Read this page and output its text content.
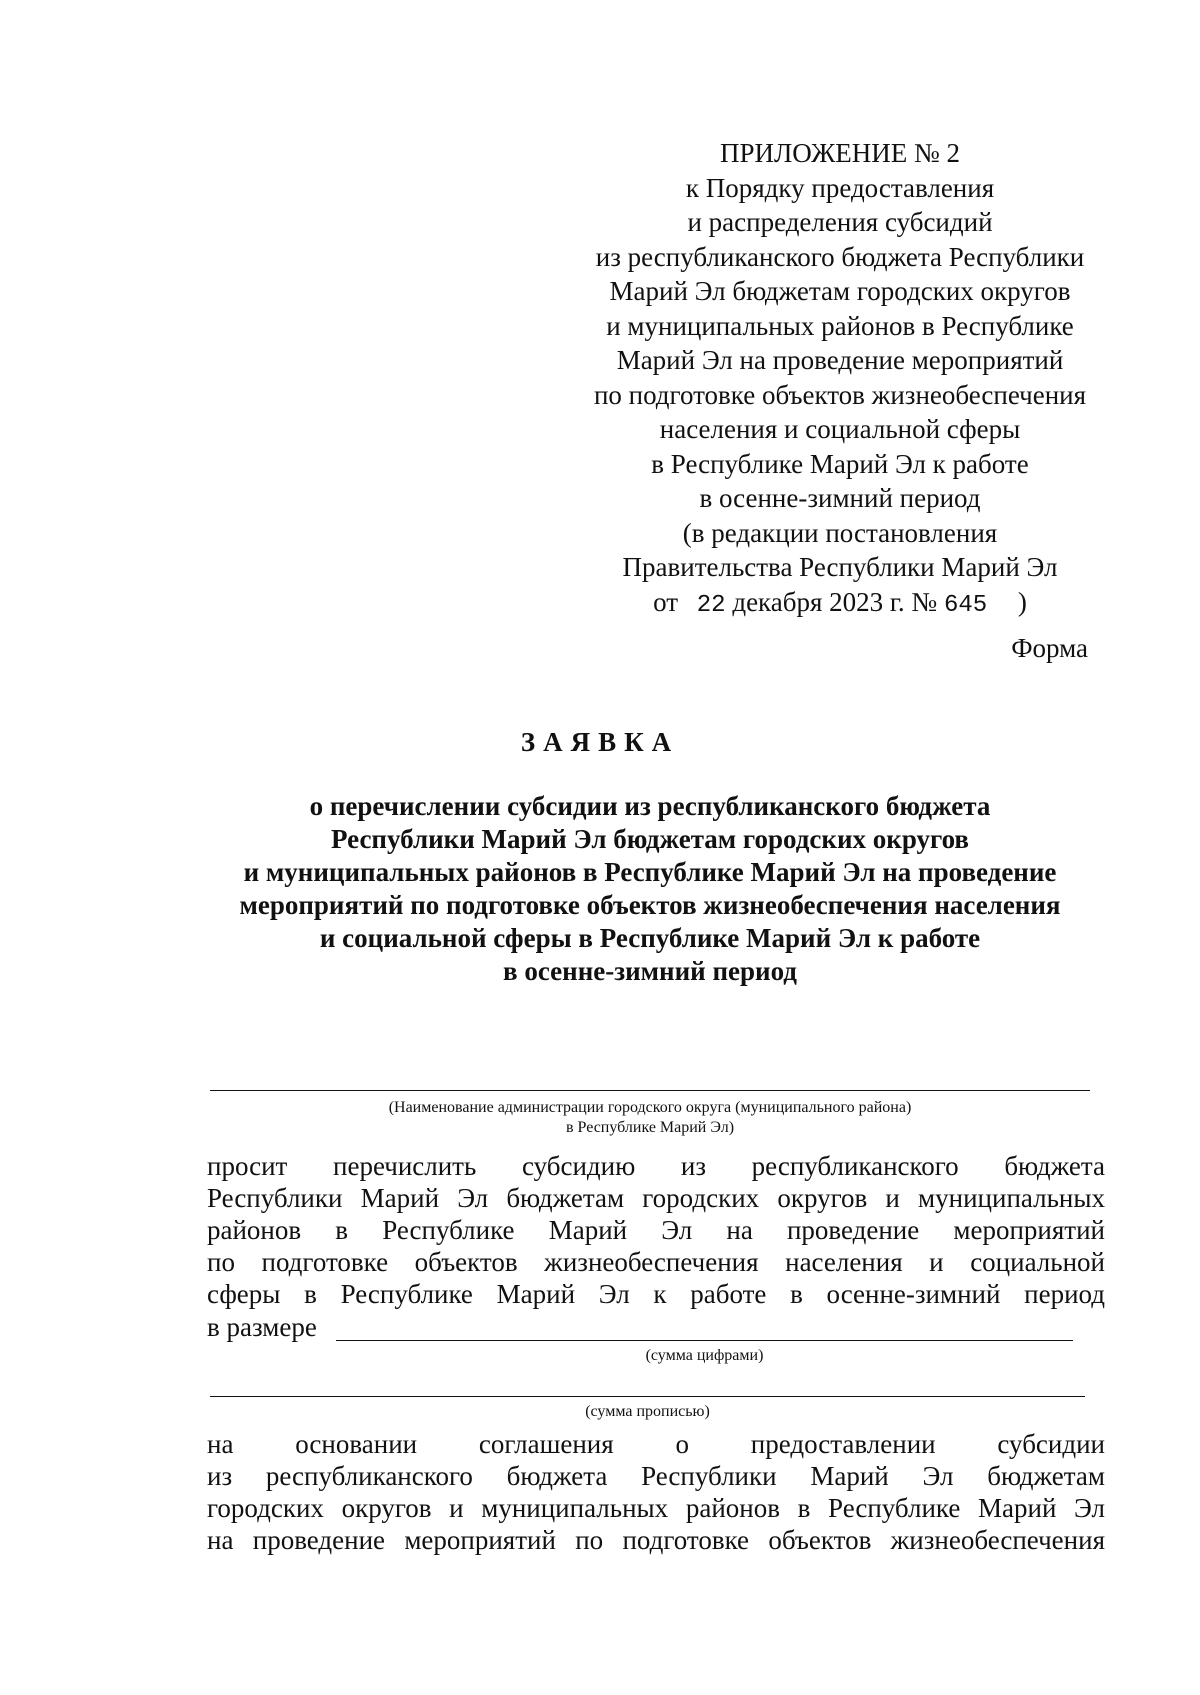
ПРИЛОЖЕНИЕ № 2
к Порядку предоставления
и распределения субсидий
из республиканского бюджета Республики
Марий Эл бюджетам городских округов
и муниципальных районов в Республике
Марий Эл на проведение мероприятий
по подготовке объектов жизнеобеспечения
населения и социальной сферы
в Республике Марий Эл к работе
в осенне-зимний период
(в редакции постановления
Правительства Республики Марий Эл
от 22 декабря 2023 г. № 645 )
Форма
ЗАЯВКА
о перечислении субсидии из республиканского бюджета
Республики Марий Эл бюджетам городских округов
и муниципальных районов в Республике Марий Эл на проведение
мероприятий по подготовке объектов жизнеобеспечения населения
и социальной сферы в Республике Марий Эл к работе
в осенне-зимний период
(Наименование администрации городского округа (муниципального района)
в Республике Марий Эл)
просит перечислить субсидию из республиканского бюджета
Республики Марий Эл бюджетам городских округов и муниципальных
районов в Республике Марий Эл на проведение мероприятий
по подготовке объектов жизнеобеспечения населения и социальной
сферы в Республике Марий Эл к работе в осенне-зимний период
в размере
(сумма цифрами)
(сумма прописью)
на основании соглашения о предоставлении субсидии
из республиканского бюджета Республики Марий Эл бюджетам
городских округов и муниципальных районов в Республике Марий Эл
на проведение мероприятий по подготовке объектов жизнеобеспечения
